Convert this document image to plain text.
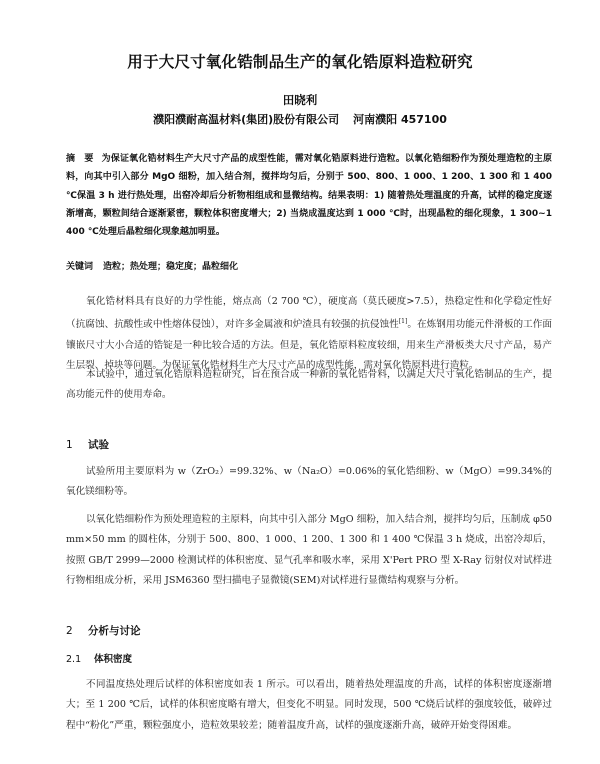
用于大尺寸氧化锆制品生产的氧化锆原料造粒研究
田晓利
濮阳濮耐高温材料(集团)股份有限公司 河南濮阳 457100
摘　要 为保证氧化锆材料生产大尺寸产品的成型性能，需对氧化锆原料进行造粒。以氧化锆细粉作为预处理造粒的主原料，向其中引入部分 MgO 细粉，加入结合剂，搅拌均匀后，分别于 500、800、1 000、1 200、1 300 和 1 400 ℃保温 3 h 进行热处理，出窑冷却后分析物相组成和显微结构。结果表明：1) 随着热处理温度的升高，试样的稳定度逐渐增高，颗粒间结合逐渐紧密，颗粒体积密度增大；2) 当烧成温度达到 1 000 ℃时，出现晶粒的细化现象，1 300~1 400 ℃处理后晶粒细化现象越加明显。
关键词 造粒；热处理；稳定度；晶粒细化
氧化锆材料具有良好的力学性能，熔点高（2 700 ℃），硬度高（莫氏硬度>7.5），热稳定性和化学稳定性好（抗腐蚀、抗酸性或中性熔体侵蚀），对许多金属液和炉渣具有较强的抗侵蚀性[1]。在炼钢用功能元件滑板的工作面镶嵌尺寸大小合适的锆锭是一种比较合适的方法。但是，氧化锆原料粒度较细，用来生产滑板类大尺寸产品，易产生层裂、掉块等问题。为保证氧化锆材料生产大尺寸产品的成型性能，需对氧化锆原料进行造粒。
本试验中，通过氧化锆原料造粒研究，旨在预合成一种新的氧化锆骨料，以满足大尺寸氧化锆制品的生产，提高功能元件的使用寿命。
1 试验
试验所用主要原料为 w（ZrO₂）=99.32%、w（Na₂O）=0.06%的氧化锆细粉、w（MgO）=99.34%的氧化镁细粉等。
以氧化锆细粉作为预处理造粒的主原料，向其中引入部分 MgO 细粉，加入结合剂，搅拌均匀后，压制成 φ50 mm×50 mm 的圆柱体，分别于 500、800、1 000、1 200、1 300 和 1 400 ℃保温 3 h 烧成，出窑冷却后，按照 GB/T 2999—2000 检测试样的体积密度、显气孔率和吸水率，采用 X'Pert PRO 型 X-Ray 衍射仪对试样进行物相组成分析，采用 JSM6360 型扫描电子显微镜(SEM)对试样进行显微结构观察与分析。
2 分析与讨论
2.1 体积密度
不同温度热处理后试样的体积密度如表 1 所示。可以看出，随着热处理温度的升高，试样的体积密度逐渐增大；至 1 200 ℃后，试样的体积密度略有增大，但变化不明显。同时发现，500 ℃烧后试样的强度较低，破碎过程中“粉化”严重，颗粒强度小，造粒效果较差；随着温度升高，试样的强度逐渐升高，破碎开始变得困难。
